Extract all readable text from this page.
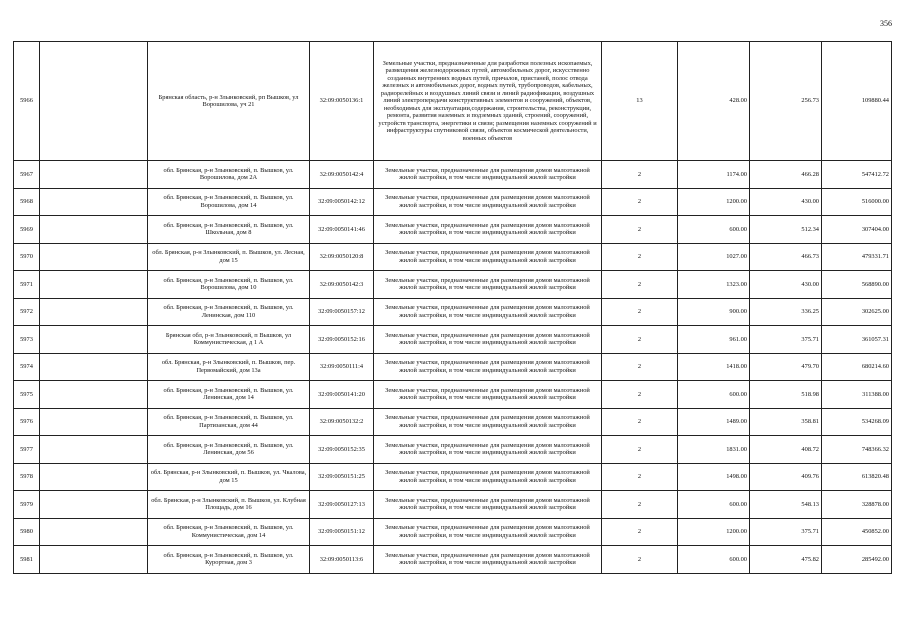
356
5966		Брянская область, р-н Злынковский, рп Вышков, ул Ворошилова, уч 21	32:09:0050136:1	Земельные участки, предназначенные для разработки полезных ископаемых, размещения железнодорожных путей, автомобильных дорог, искусственно созданных внутренних водных путей, причалов, пристаней, полос отвода железных и автомобильных дорог, водных путей, трубопроводов, кабельных, радиорелейных и воздушных линий связи и линий радиофикации, воздушных линий электропередачи конструктивных элементов и сооружений, объектов, необходимых для эксплуатации,содержания, строительства, реконструкции, ремонта, развития наземных и подземных зданий, строений, сооружений, устройств транспорта, энергетики и связи; размещения наземных сооружений и инфраструктуры спутниковой связи, объектов космической деятельности, военных объектов	13	428.00	256.73	109880.44
5967		обл. Брянская, р-н Злынковский, п. Вышков, ул. Ворошилова, дом 2А	32:09:0050142:4	Земельные участки, предназначенные для размещения домов малоэтажной жилой застройки, в том числе индивидуальной жилой застройки	2	1174.00	466.28	547412.72
5968		обл. Брянская, р-н Злынковский, п. Вышков, ул. Ворошилова, дом 14	32:09:0050142:12	Земельные участки, предназначенные для размещения домов малоэтажной жилой застройки, в том числе индивидуальной жилой застройки	2	1200.00	430.00	516000.00
5969		обл. Брянская, р-н Злынковский, п. Вышков, ул. Школьная, дом 8	32:09:0050141:46	Земельные участки, предназначенные для размещения домов малоэтажной жилой застройки, в том числе индивидуальной жилой застройки	2	600.00	512.34	307404.00
5970		обл. Брянская, р-н Злынковский, п. Вышков, ул. Лесная, дом 15	32:09:0050120:8	Земельные участки, предназначенные для размещения домов малоэтажной жилой застройки, в том числе индивидуальной жилой застройки	2	1027.00	466.73	479331.71
5971		обл. Брянская, р-н Злынковский, п. Вышков, ул. Ворошилова, дом 10	32:09:0050142:3	Земельные участки, предназначенные для размещения домов малоэтажной жилой застройки, в том числе индивидуальной жилой застройки	2	1323.00	430.00	568890.00
5972		обл. Брянская, р-н Злынковский, п. Вышков, ул. Ленинская, дом 110	32:09:0050157:12	Земельные участки, предназначенные для размещения домов малоэтажной жилой застройки, в том числе индивидуальной жилой застройки	2	900.00	336.25	302625.00
5973		Брянская обл, р-н Злынковский, п Вышков, ул Коммунистическая, д 1 А	32:09:0050152:16	Земельные участки, предназначенные для размещения домов малоэтажной жилой застройки, в том числе индивидуальной жилой застройки	2	961.00	375.71	361057.31
5974		обл. Брянская, р-н Злынковский, п. Вышков, пер. Первомайский, дом 13а	32:09:0050111:4	Земельные участки, предназначенные для размещения домов малоэтажной жилой застройки, в том числе индивидуальной жилой застройки	2	1418.00	479.70	680214.60
5975		обл. Брянская, р-н Злынковский, п. Вышков, ул. Ленинская, дом 14	32:09:0050141:20	Земельные участки, предназначенные для размещения домов малоэтажной жилой застройки, в том числе индивидуальной жилой застройки	2	600.00	518.98	311388.00
5976		обл. Брянская, р-н Злынковский, п. Вышков, ул. Партизанская, дом 44	32:09:0050132:2	Земельные участки, предназначенные для размещения домов малоэтажной жилой застройки, в том числе индивидуальной жилой застройки	2	1489.00	358.81	534268.09
5977		обл. Брянская, р-н Злынковский, п. Вышков, ул. Ленинская, дом 56	32:09:0050152:35	Земельные участки, предназначенные для размещения домов малоэтажной жилой застройки, в том числе индивидуальной жилой застройки	2	1831.00	408.72	748366.32
5978		обл. Брянская, р-н Злынковский, п. Вышков, ул. Чкалова, дом 15	32:09:0050151:25	Земельные участки, предназначенные для размещения домов малоэтажной жилой застройки, в том числе индивидуальной жилой застройки	2	1498.00	409.76	613820.48
5979		обл. Брянская, р-н Злынковский, п. Вышков, ул. Клубная Площадь, дом 16	32:09:0050127:13	Земельные участки, предназначенные для размещения домов малоэтажной жилой застройки, в том числе индивидуальной жилой застройки	2	600.00	548.13	328878.00
5980		обл. Брянская, р-н Злынковский, п. Вышков, ул. Коммунистическая, дом 14	32:09:0050151:12	Земельные участки, предназначенные для размещения домов малоэтажной жилой застройки, в том числе индивидуальной жилой застройки	2	1200.00	375.71	450852.00
5981		обл. Брянская, р-н Злынковский, п. Вышков, ул. Курортная, дом 3	32:09:0050113:6	Земельные участки, предназначенные для размещения домов малоэтажной жилой застройки, в том числе индивидуальной жилой застройки	2	600.00	475.82	285492.00
